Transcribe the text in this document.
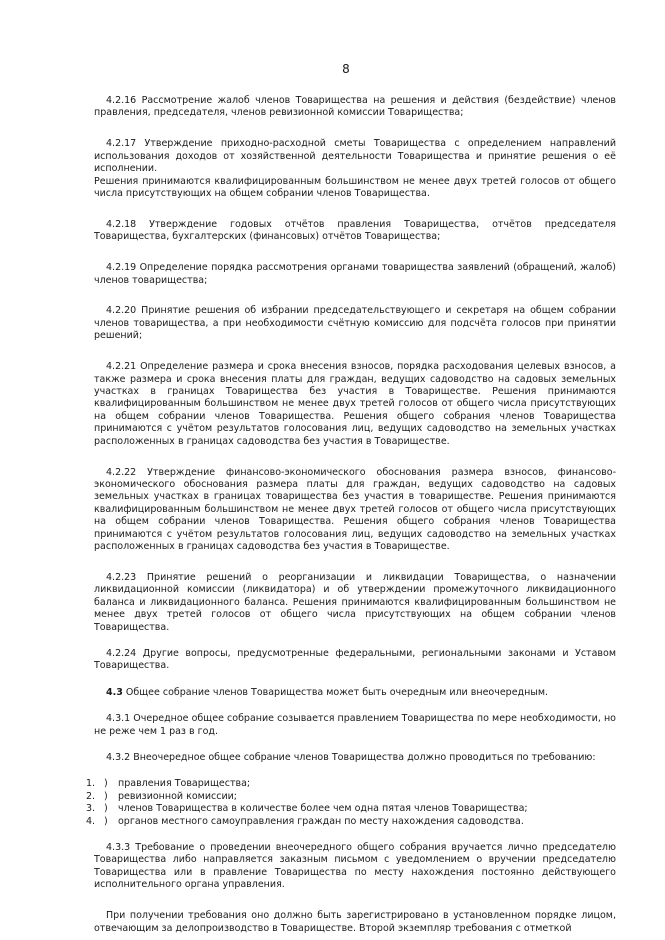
8

4.2.16 Рассмотрение жалоб членов Товарищества на решения и действия (бездействие) членов правления, председателя, членов ревизионной комиссии Товарищества;

4.2.17 Утверждение приходно-расходной сметы Товарищества с определением направлений использования доходов от хозяйственной деятельности Товарищества и принятие решения о её исполнении.
Решения принимаются квалифицированным большинством не менее двух третей голосов от общего числа присутствующих на общем собрании членов Товарищества.

4.2.18 Утверждение годовых отчётов правления Товарищества, отчётов председателя Товарищества, бухгалтерских (финансовых) отчётов Товарищества;

4.2.19 Определение порядка рассмотрения органами товарищества заявлений (обращений, жалоб) членов товарищества;

4.2.20 Принятие решения об избрании председательствующего и секретаря на общем собрании членов товарищества, а при необходимости счётную комиссию для подсчёта голосов при принятии решений;

4.2.21 Определение размера и срока внесения взносов, порядка расходования целевых взносов, а также размера и срока внесения платы для граждан, ведущих садоводство на садовых земельных участках в границах Товарищества без участия в Товариществе. Решения принимаются квалифицированным большинством не менее двух третей голосов от общего числа присутствующих на общем собрании членов Товарищества. Решения общего собрания членов Товарищества принимаются с учётом результатов голосования лиц, ведущих садоводство на земельных участках расположенных в границах садоводства без участия в Товариществе.

4.2.22 Утверждение финансово-экономического обоснования размера взносов, финансово-экономического обоснования размера платы для граждан, ведущих садоводство на садовых земельных участках в границах товарищества без участия в товариществе. Решения принимаются квалифицированным большинством не менее двух третей голосов от общего числа присутствующих на общем собрании членов Товарищества. Решения общего собрания членов Товарищества принимаются с учётом результатов голосования лиц, ведущих садоводство на земельных участках расположенных в границах садоводства без участия в Товариществе.

4.2.23 Принятие решений о реорганизации и ликвидации Товарищества, о назначении ликвидационной комиссии (ликвидатора) и об утверждении промежуточного ликвидационного баланса и ликвидационного баланса. Решения принимаются квалифицированным большинством не менее двух третей голосов от общего числа присутствующих на общем собрании членов Товарищества.

4.2.24 Другие вопросы, предусмотренные федеральными, региональными законами и Уставом Товарищества.

4.3 Общее собрание членов Товарищества может быть очередным или внеочередным.

4.3.1 Очередное общее собрание созывается правлением Товарищества по мере необходимости, но не реже чем 1 раз в год.

4.3.2 Внеочередное общее собрание членов Товарищества должно проводиться по требованию:

1. )	правления Товарищества;
2. )	ревизионной комиссии;
3. )	членов Товарищества в количестве более чем одна пятая членов Товарищества;
4. )	органов местного самоуправления граждан по месту нахождения садоводства.

4.3.3 Требование о проведении внеочередного общего собрания вручается лично председателю Товарищества либо направляется заказным письмом с уведомлением о вручении председателю Товарищества или в правление Товарищества по месту нахождения постоянно действующего исполнительного органа управления.

При получении требования оно должно быть зарегистрировано в установленном порядке лицом, отвечающим за делопроизводство в Товариществе. Второй экземпляр требования с отметкой
